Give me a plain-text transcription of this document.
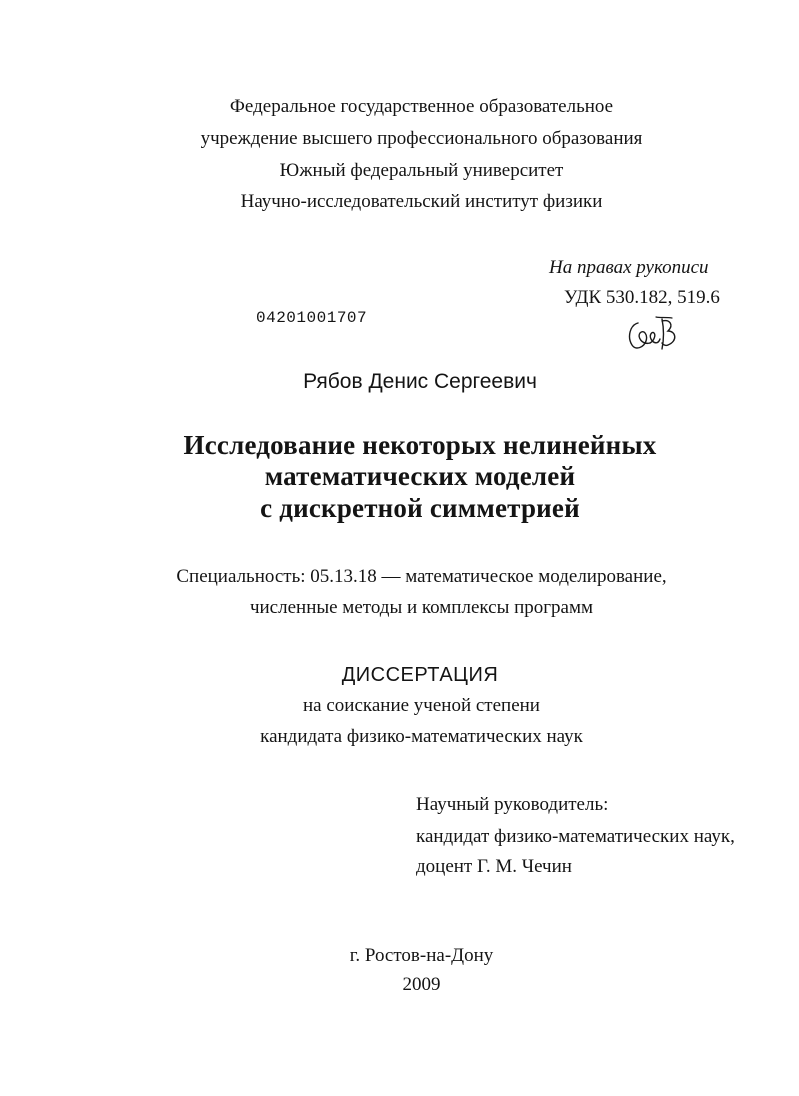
Федеральное государственное образовательное
учреждение высшего профессионального образования
Южный федеральный университет
Научно-исследовательский институт физики
На правах рукописи
УДК 530.182, 519.6
04201001707
Рябов Денис Сергеевич
Исследование некоторых нелинейных
математических моделей
с дискретной симметрией
Специальность: 05.13.18 — математическое моделирование,
численные методы и комплексы программ
ДИССЕРТАЦИЯ
на соискание ученой степени
кандидата физико-математических наук
Научный руководитель:
кандидат физико-математических наук,
доцент Г. М. Чечин
г. Ростов-на-Дону
2009
